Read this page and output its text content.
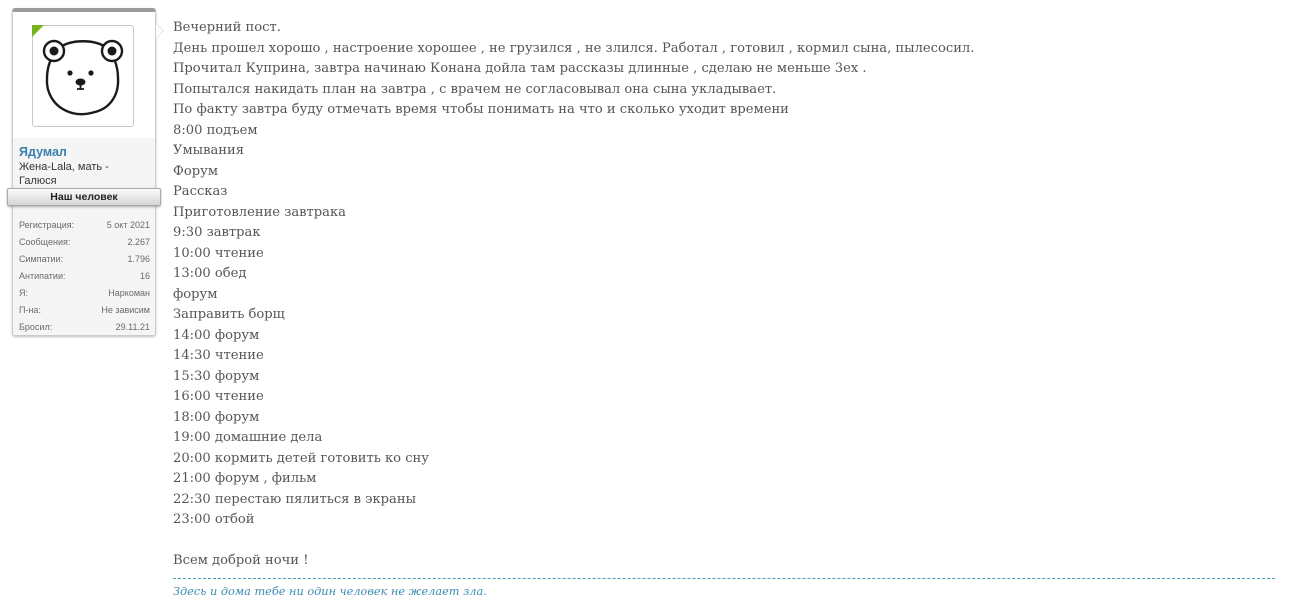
Ядумал
Жена-Lala, мать - Галюся
Наш человек
Регистрация:	5 окт 2021
Сообщения:	2.267
Симпатии:	1.796
Антипатии:	16
Я:	Наркоман
П-на:	Не зависим
Бросил:	29.11.21
Вечерний пост.
День прошел хорошо , настроение хорошее , не грузился , не злился. Работал , готовил , кормил сына, пылесосил.
Прочитал Куприна, завтра начинаю Конана дойла там рассказы длинные , сделаю не меньше 3ех .
Попытался накидать план на завтра , с врачем не согласовывал она сына укладывает.
По факту завтра буду отмечать время чтобы понимать на что и сколько уходит времени
8:00 подъем
Умывания
Форум
Рассказ
Приготовление завтрака
9:30 завтрак
10:00 чтение
13:00 обед
форум
Заправить борщ
14:00 форум
14:30 чтение
15:30 форум
16:00 чтение
18:00 форум
19:00 домашние дела
20:00 кормить детей готовить ко сну
21:00 форум , фильм
22:30 перестаю пялиться в экраны
23:00 отбой
Всем доброй ночи !
Здесь и дома тебе ни один человек не желает зла.
